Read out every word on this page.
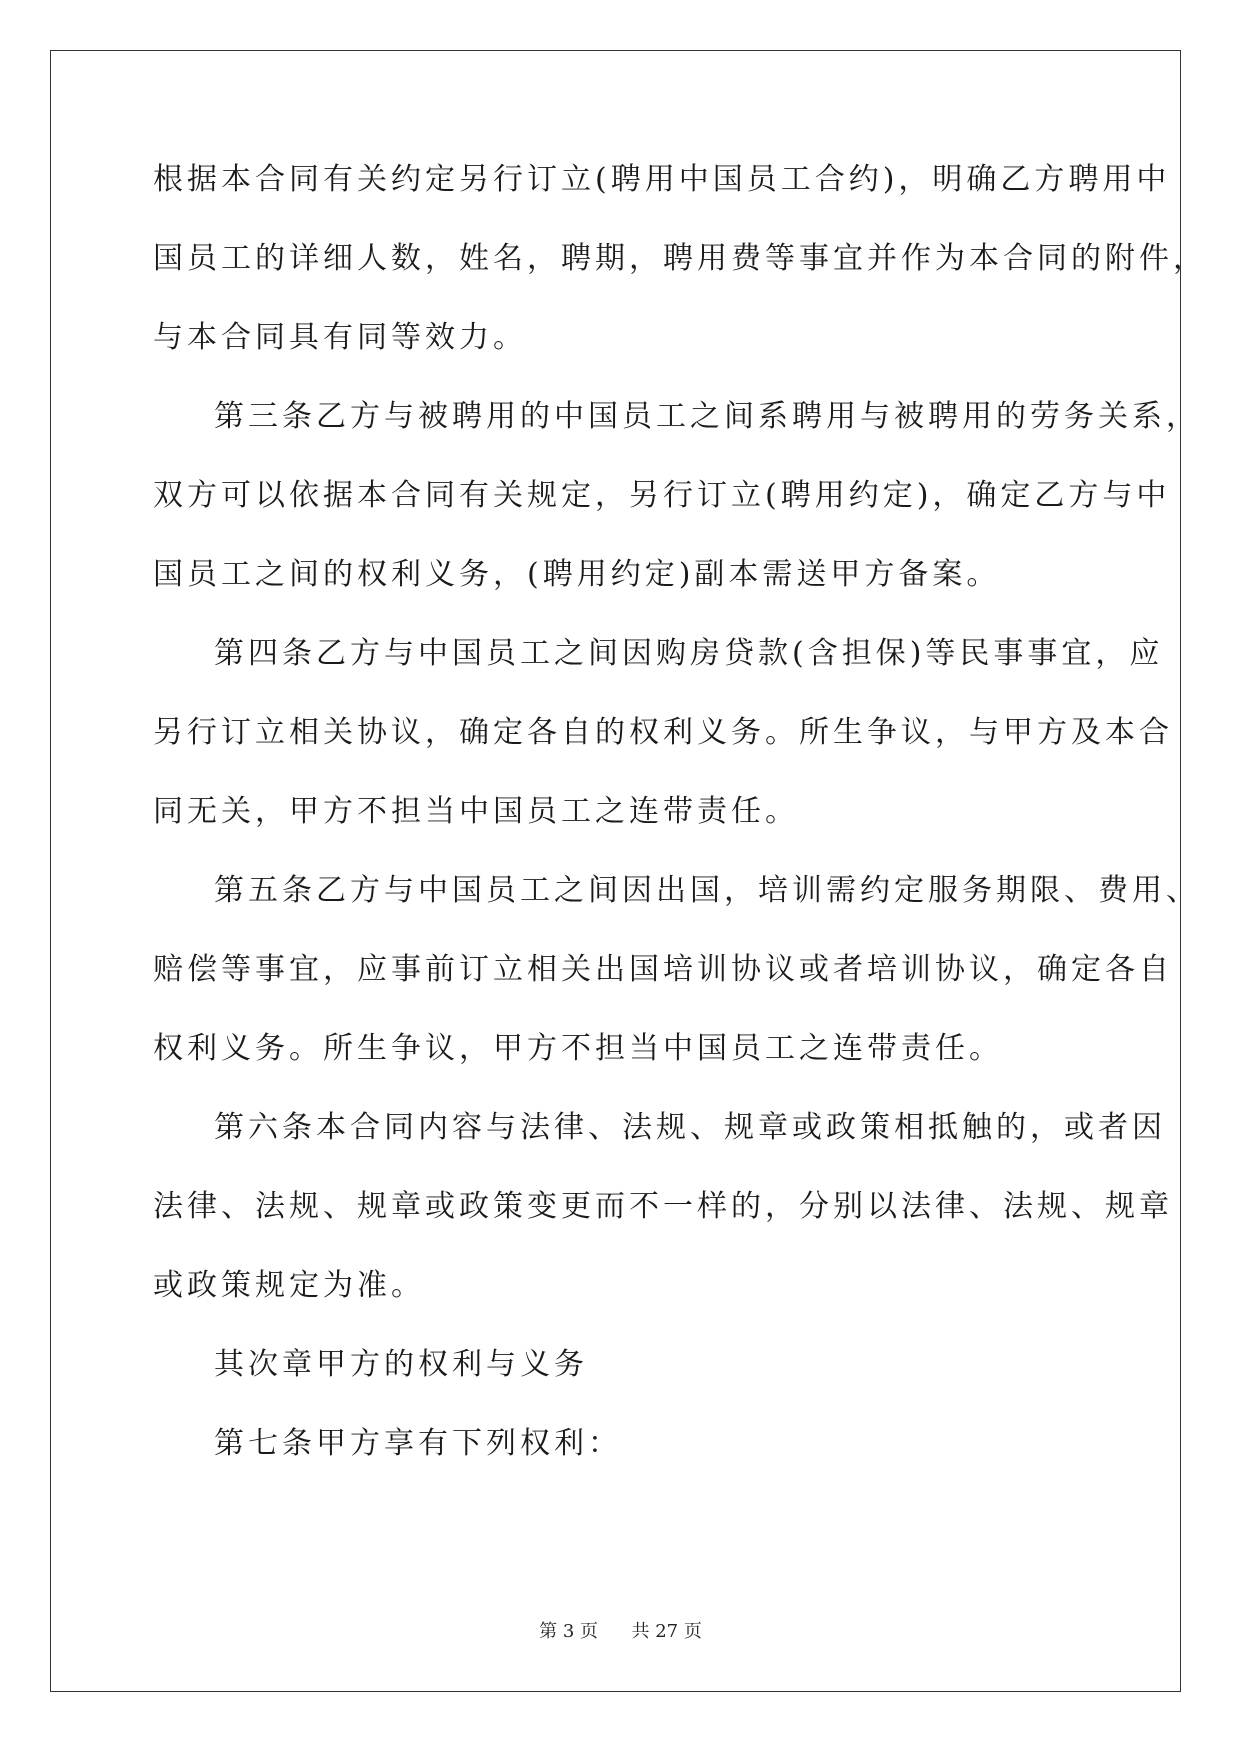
根据本合同有关约定另行订立(聘用中国员工合约)，明确乙方聘用中
国员工的详细人数，姓名，聘期，聘用费等事宜并作为本合同的附件，
与本合同具有同等效力。
第三条乙方与被聘用的中国员工之间系聘用与被聘用的劳务关系，
双方可以依据本合同有关规定，另行订立(聘用约定)，确定乙方与中
国员工之间的权利义务，(聘用约定)副本需送甲方备案。
第四条乙方与中国员工之间因购房贷款(含担保)等民事事宜，应
另行订立相关协议，确定各自的权利义务。所生争议，与甲方及本合
同无关，甲方不担当中国员工之连带责任。
第五条乙方与中国员工之间因出国，培训需约定服务期限、费用、
赔偿等事宜，应事前订立相关出国培训协议或者培训协议，确定各自
权利义务。所生争议，甲方不担当中国员工之连带责任。
第六条本合同内容与法律、法规、规章或政策相抵触的，或者因
法律、法规、规章或政策变更而不一样的，分别以法律、法规、规章
或政策规定为准。
其次章甲方的权利与义务
第七条甲方享有下列权利：
第 3 页 共 27 页
